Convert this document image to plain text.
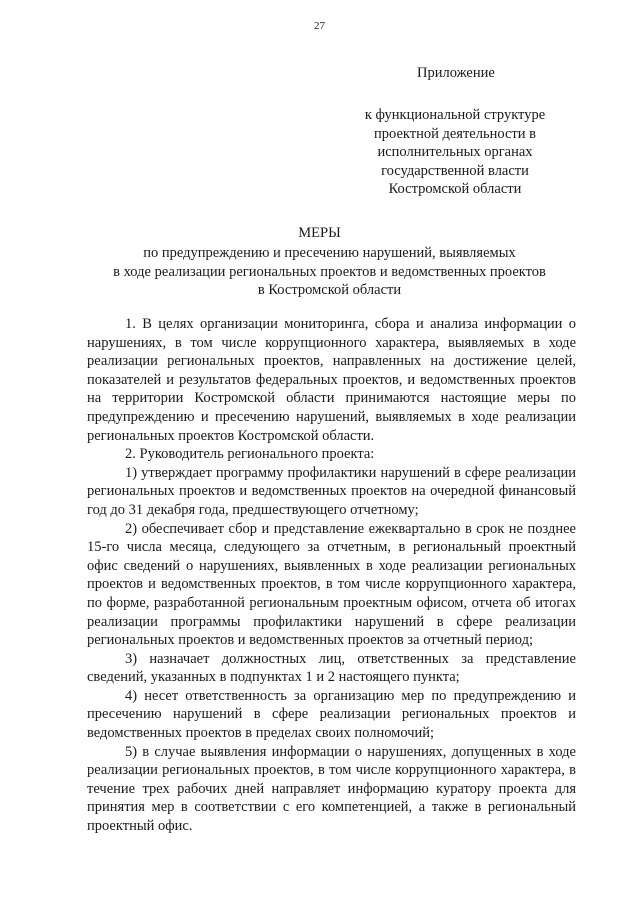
27
Приложение
к функциональной структуре
проектной деятельности в
исполнительных органах
государственной власти
Костромской области
МЕРЫ
по предупреждению и пресечению нарушений, выявляемых
в ходе реализации региональных проектов и ведомственных проектов
в Костромской области

1. В целях организации мониторинга, сбора и анализа информации о нарушениях, в том числе коррупционного характера, выявляемых в ходе реализации региональных проектов, направленных на достижение целей, показателей и результатов федеральных проектов, и ведомственных проектов на территории Костромской области принимаются настоящие меры по предупреждению и пресечению нарушений, выявляемых в ходе реализации региональных проектов Костромской области.

2. Руководитель регионального проекта:

1) утверждает программу профилактики нарушений в сфере реализации региональных проектов и ведомственных проектов на очередной финансовый год до 31 декабря года, предшествующего отчетному;

2) обеспечивает сбор и представление ежеквартально в срок не позднее 15-го числа месяца, следующего за отчетным, в региональный проектный офис сведений о нарушениях, выявленных в ходе реализации региональных проектов и ведомственных проектов, в том числе коррупционного характера, по форме, разработанной региональным проектным офисом, отчета об итогах реализации программы профилактики нарушений в сфере реализации региональных проектов и ведомственных проектов за отчетный период;

3) назначает должностных лиц, ответственных за представление сведений, указанных в подпунктах 1 и 2 настоящего пункта;

4) несет ответственность за организацию мер по предупреждению и пресечению нарушений в сфере реализации региональных проектов и ведомственных проектов в пределах своих полномочий;

5) в случае выявления информации о нарушениях, допущенных в ходе реализации региональных проектов, в том числе коррупционного характера, в течение трех рабочих дней направляет информацию куратору проекта для принятия мер в соответствии с его компетенцией, а также в региональный проектный офис.
